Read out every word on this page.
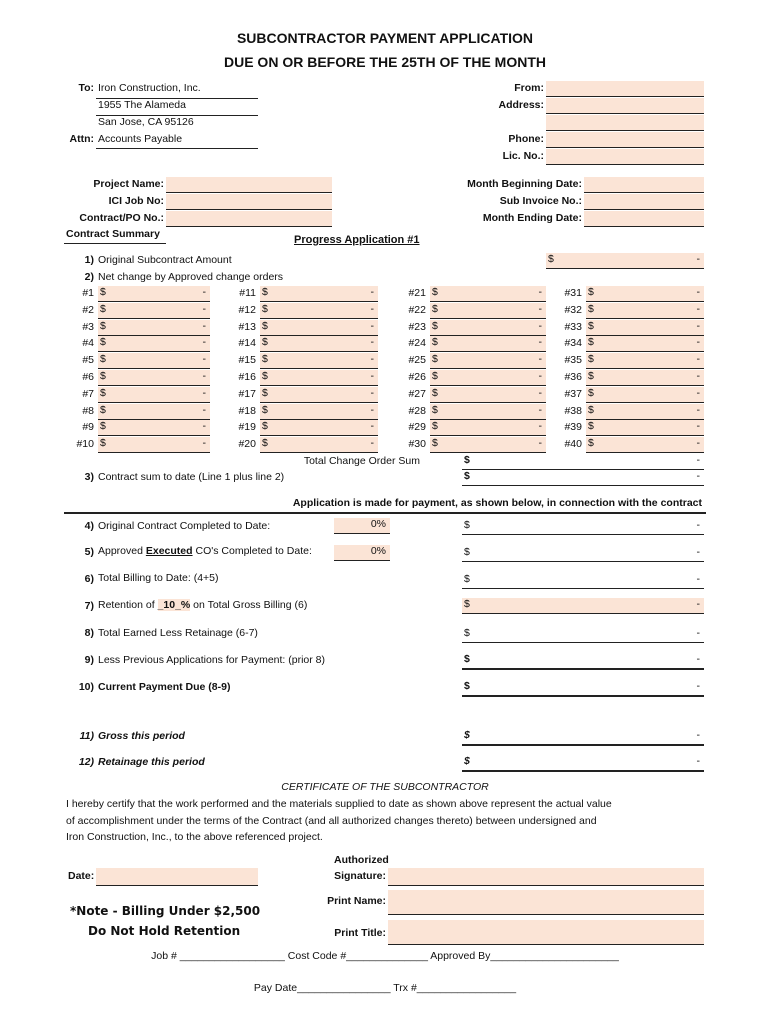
SUBCONTRACTOR PAYMENT APPLICATION
DUE ON OR BEFORE THE 25TH OF THE MONTH
To: Iron Construction, Inc.
1955 The Alameda
San Jose, CA 95126
Attn: Accounts Payable
From:
Address:
Phone:
Lic. No.:
Project Name:
ICI Job No:
Contract/PO No.:
Month Beginning Date:
Sub Invoice No.:
Month Ending Date:
Contract Summary	Progress Application #1
1) Original Subcontract Amount	$	-
2) Net change by Approved change orders
#1 $	-	#11 $	-	#21 $	-	#31 $	-
#2 $	-	#12 $	-	#22 $	-	#32 $	-
#3 $	-	#13 $	-	#23 $	-	#33 $	-
#4 $	-	#14 $	-	#24 $	-	#34 $	-
#5 $	-	#15 $	-	#25 $	-	#35 $	-
#6 $	-	#16 $	-	#26 $	-	#36 $	-
#7 $	-	#17 $	-	#27 $	-	#37 $	-
#8 $	-	#18 $	-	#28 $	-	#38 $	-
#9 $	-	#19 $	-	#29 $	-	#39 $	-
#10 $	-	#20 $	-	#30 $	-	#40 $	-
Total Change Order Sum	$	-
3) Contract sum to date (Line 1 plus line 2)	$	-
Application is made for payment, as shown below, in connection with the contract
4) Original Contract Completed to Date:	0%	$	-
5) Approved Executed CO's Completed to Date:	0%	$	-
6) Total Billing to Date: (4+5)	$	-
7) Retention of _10_% on Total Gross Billing (6)	$	-
8) Total Earned Less Retainage (6-7)	$	-
9) Less Previous Applications for Payment: (prior 8)	$	-
10) Current Payment Due (8-9)	$	-
11) Gross this period	$	-
12) Retainage this period	$	-
CERTIFICATE OF THE SUBCONTRACTOR
I hereby certify that the work performed and the materials supplied to date as shown above represent the actual value
of accomplishment under the terms of the Contract (and all authorized changes thereto) between undersigned and
Iron Construction, Inc., to the above referenced project.
Date:
Authorized
Signature:
Print Name:
Print Title:
*Note - Billing Under $2,500
Do Not Hold Retention
Job # __________________ Cost Code #______________ Approved By______________________
Pay Date________________ Trx #_________________
